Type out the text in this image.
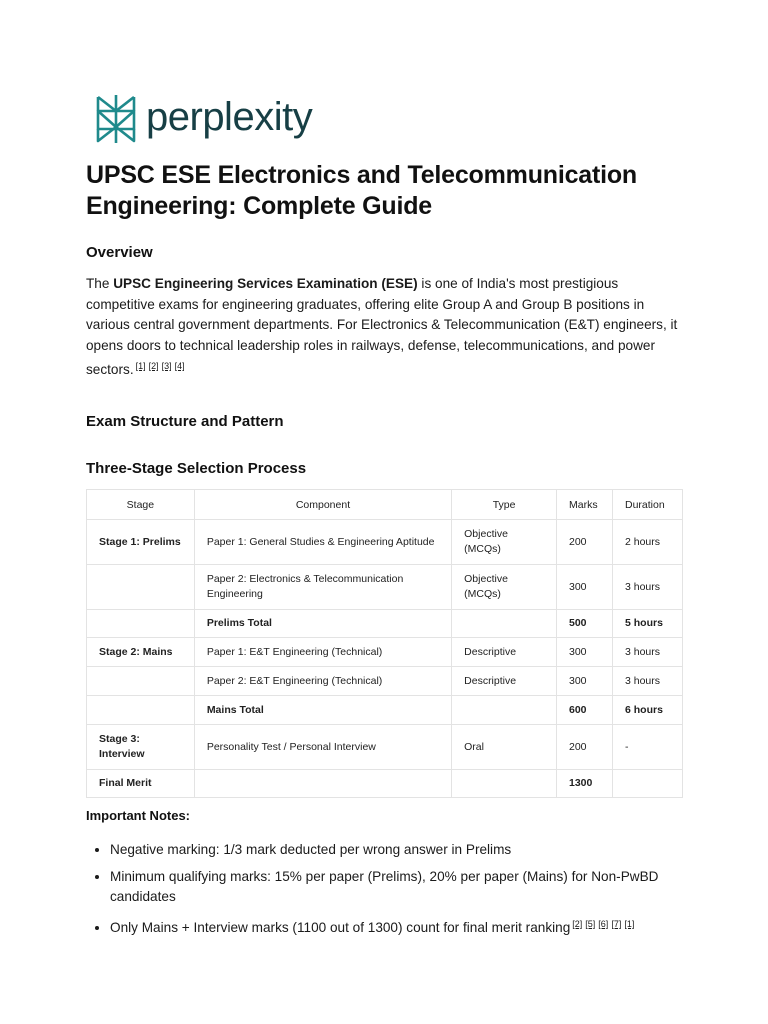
perplexity
UPSC ESE Electronics and Telecommunication Engineering: Complete Guide
Overview

The UPSC Engineering Services Examination (ESE) is one of India's most prestigious competitive exams for engineering graduates, offering elite Group A and Group B positions in various central government departments. For Electronics & Telecommunication (E&T) engineers, it opens doors to technical leadership roles in railways, defense, telecommunications, and power sectors. [1] [2] [3] [4]

Exam Structure and Pattern
Three-Stage Selection Process
Stage	Component	Type	Marks	Duration
Stage 1: Prelims	Paper 1: General Studies & Engineering Aptitude	Objective (MCQs)	200	2 hours
	Paper 2: Electronics & Telecommunication Engineering	Objective (MCQs)	300	3 hours
	Prelims Total		500	5 hours
Stage 2: Mains	Paper 1: E&T Engineering (Technical)	Descriptive	300	3 hours
	Paper 2: E&T Engineering (Technical)	Descriptive	300	3 hours
	Mains Total		600	6 hours
Stage 3: Interview	Personality Test / Personal Interview	Oral	200	-
Final Merit			1300	

Important Notes:

• Negative marking: 1/3 mark deducted per wrong answer in Prelims
• Minimum qualifying marks: 15% per paper (Prelims), 20% per paper (Mains) for Non-PwBD candidates
• Only Mains + Interview marks (1100 out of 1300) count for final merit ranking [2] [5] [6] [7] [1]
